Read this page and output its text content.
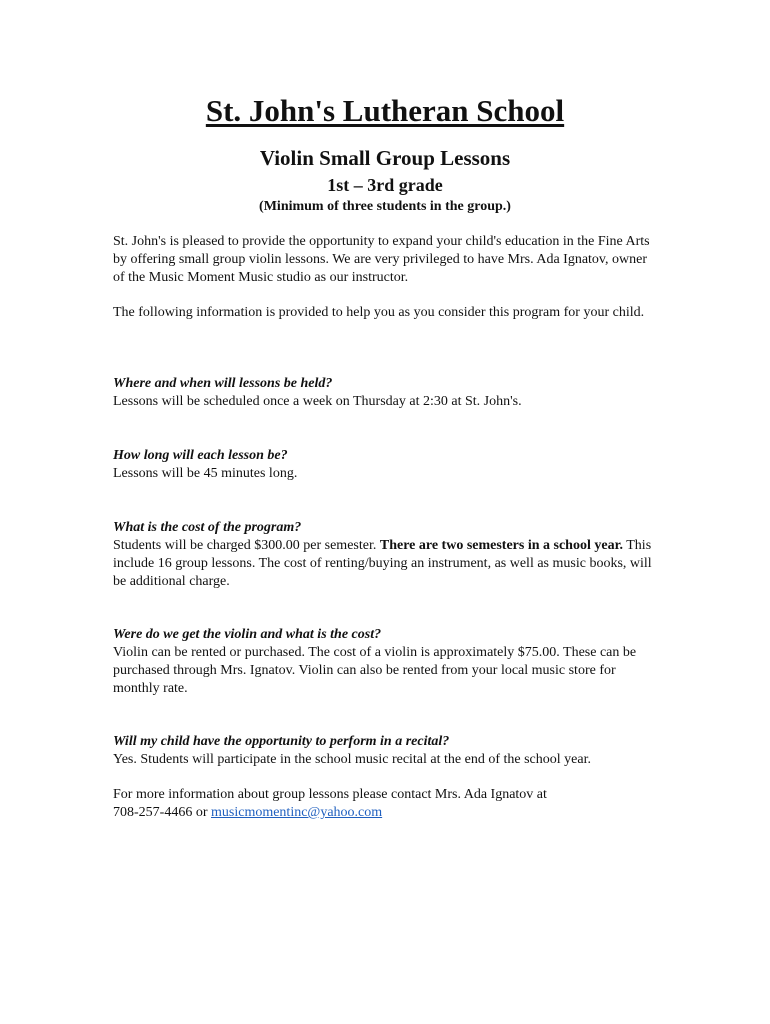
St. John's Lutheran School
Violin Small Group Lessons
1st – 3rd grade
(Minimum of three students in the group.)

St. John's is pleased to provide the opportunity to expand your child's education in the Fine Arts by offering small group violin lessons. We are very privileged to have Mrs. Ada Ignatov, owner of the Music Moment Music studio as our instructor.

The following information is provided to help you as you consider this program for your child.

Where and when will lessons be held?

Lessons will be scheduled once a week on Thursday at 2:30 at St. John's.

How long will each lesson be?

Lessons will be 45 minutes long.

What is the cost of the program?

Students will be charged $300.00 per semester. There are two semesters in a school year. This include 16 group lessons. The cost of renting/buying an instrument, as well as music books, will be additional charge.

Were do we get the violin and what is the cost?

Violin can be rented or purchased. The cost of a violin is approximately $75.00. These can be purchased through Mrs. Ignatov. Violin can also be rented from your local music store for monthly rate.

Will my child have the opportunity to perform in a recital?

Yes. Students will participate in the school music recital at the end of the school year.

For more information about group lessons please contact Mrs. Ada Ignatov at

708-257-4466 or musicmomentinc@yahoo.com
